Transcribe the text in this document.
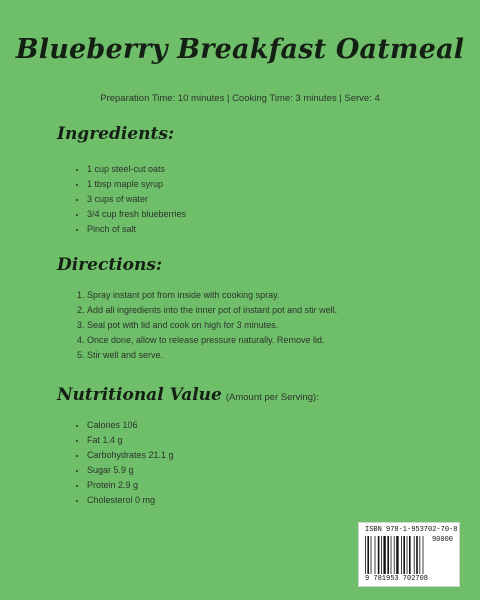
Blueberry Breakfast Oatmeal
Preparation Time: 10 minutes | Cooking Time: 3 minutes | Serve: 4
Ingredients:
• 1 cup steel-cut oats
• 1 tbsp maple syrup
• 3 cups of water
• 3/4 cup fresh blueberries
• Pinch of salt
Directions:
1. Spray instant pot from inside with cooking spray.
2. Add all ingredients into the inner pot of instant pot and stir well.
3. Seal pot with lid and cook on high for 3 minutes.
4. Once done, allow to release pressure naturally. Remove lid.
5. Stir well and serve.
Nutritional Value (Amount per Serving):
• Calories 106
• Fat 1.4 g
• Carbohydrates 21.1 g
• Sugar 5.9 g
• Protein 2.9 g
• Cholesterol 0 mg
ISBN 978-1-953702-70-8
90000
9 781953 702708
